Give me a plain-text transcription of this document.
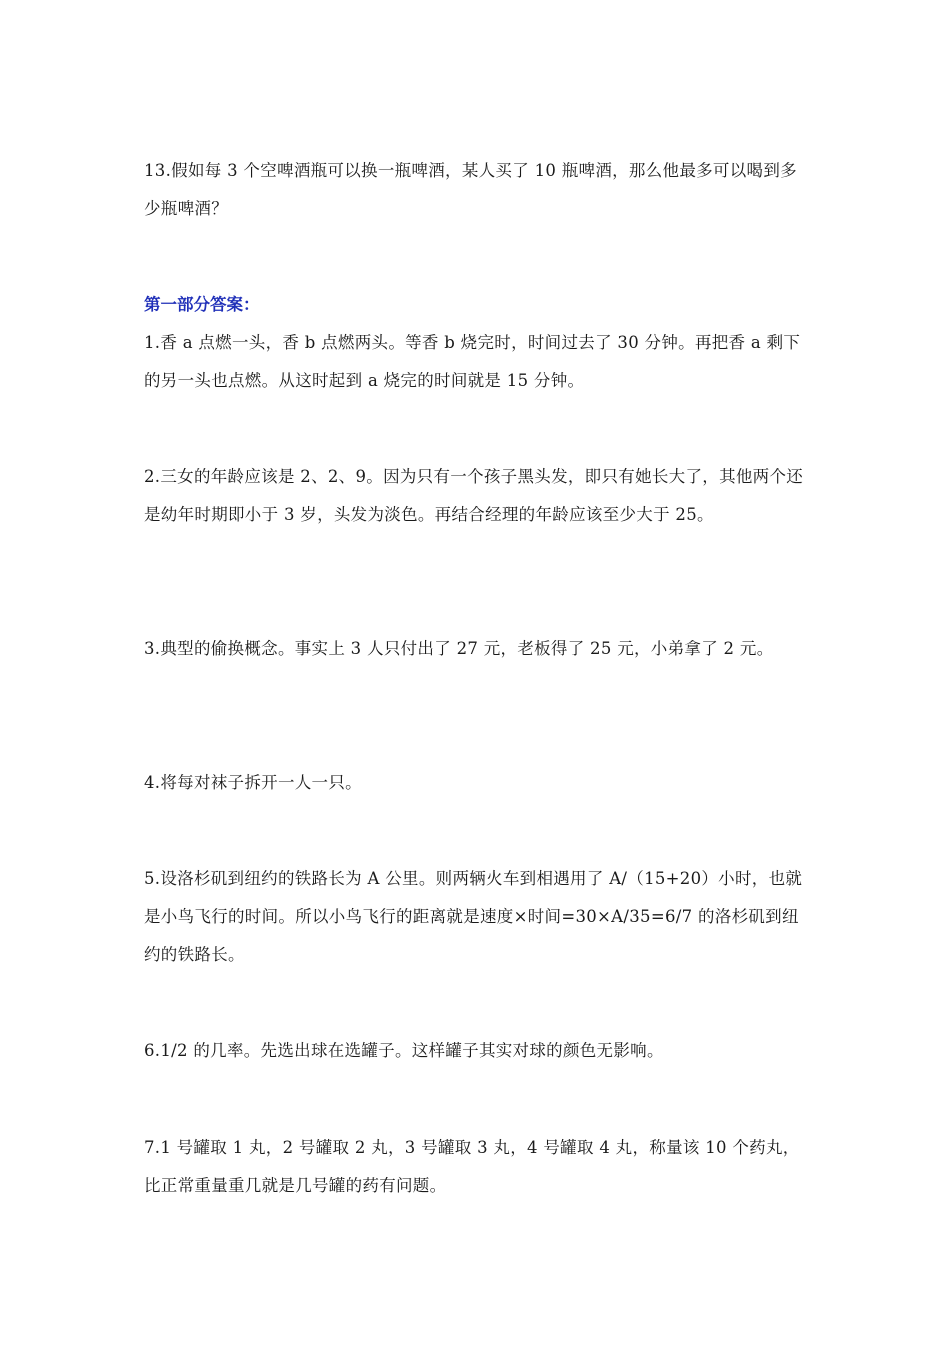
13.假如每 3 个空啤酒瓶可以换一瓶啤酒，某人买了 10 瓶啤酒，那么他最多可以喝到多少瓶啤酒？

第一部分答案：

1.香 a 点燃一头，香 b 点燃两头。等香 b 烧完时，时间过去了 30 分钟。再把香 a 剩下的另一头也点燃。从这时起到 a 烧完的时间就是 15 分钟。

2.三女的年龄应该是 2、2、9。因为只有一个孩子黑头发，即只有她长大了，其他两个还是幼年时期即小于 3 岁，头发为淡色。再结合经理的年龄应该至少大于 25。

3.典型的偷换概念。事实上 3 人只付出了 27 元，老板得了 25 元，小弟拿了 2 元。

4.将每对袜子拆开一人一只。

5.设洛杉矶到纽约的铁路长为 A 公里。则两辆火车到相遇用了 A/（15+20）小时，也就是小鸟飞行的时间。所以小鸟飞行的距离就是速度×时间=30×A/35=6/7 的洛杉矶到纽约的铁路长。

6.1/2 的几率。先选出球在选罐子。这样罐子其实对球的颜色无影响。

7.1 号罐取 1 丸，2 号罐取 2 丸，3 号罐取 3 丸，4 号罐取 4 丸，称量该 10 个药丸，比正常重量重几就是几号罐的药有问题。
